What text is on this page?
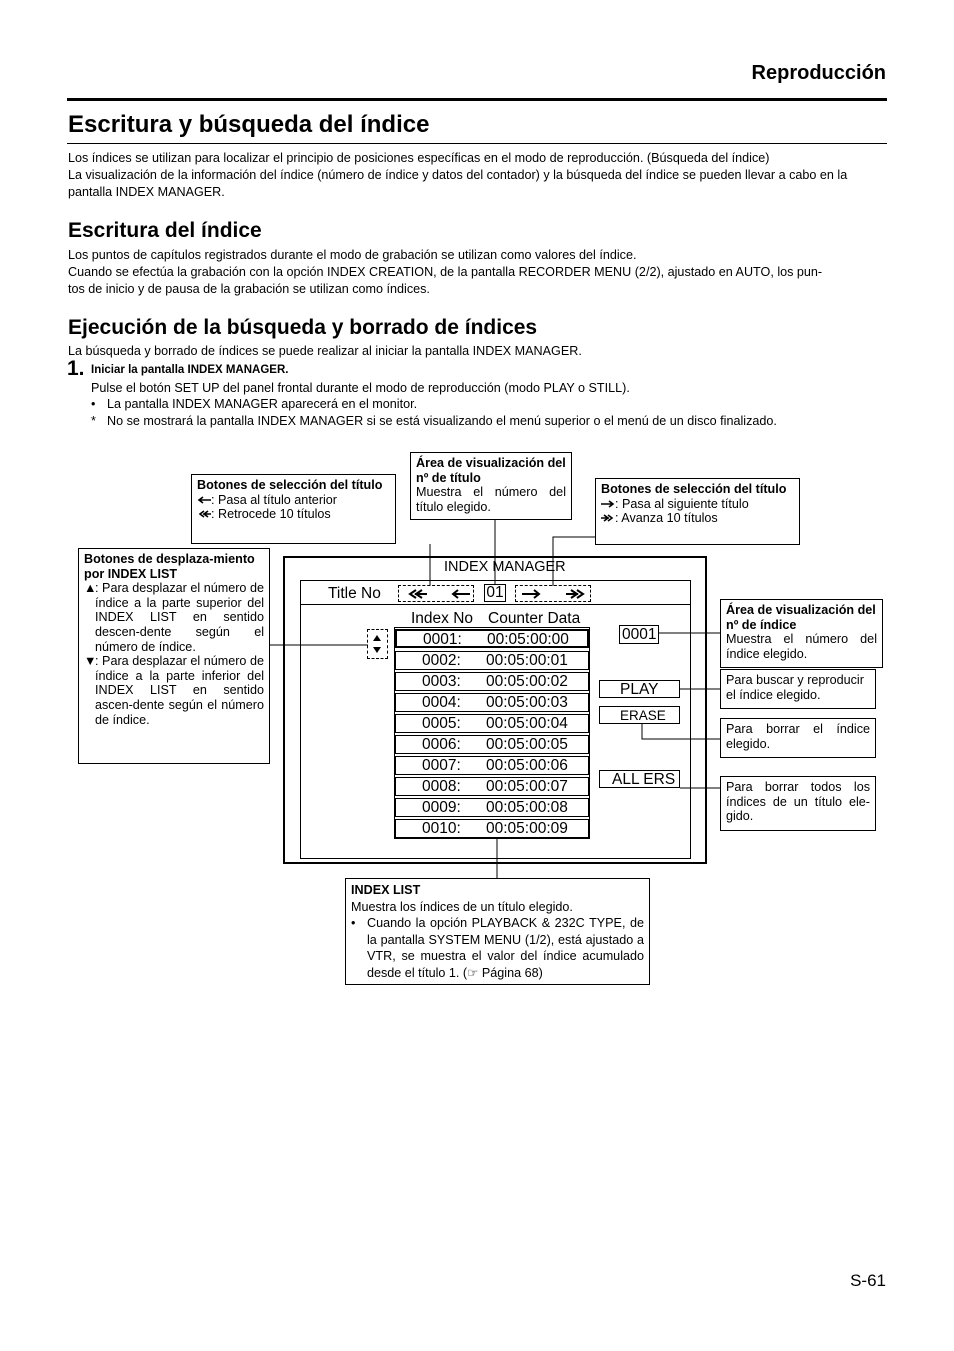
Reproducción
Escritura y búsqueda del índice
Los índices se utilizan para localizar el principio de posiciones específicas en el modo de reproducción. (Búsqueda del índice)
La visualización de la información del índice (número de índice y datos del contador) y la búsqueda del índice se pueden llevar a cabo en la pantalla INDEX MANAGER.
Escritura del índice
Los puntos de capítulos registrados durante el modo de grabación se utilizan como valores del índice.
Cuando se efectúa la grabación con la opción INDEX CREATION, de la pantalla RECORDER MENU (2/2), ajustado en AUTO, los pun-
tos de inicio y de pausa de la grabación se utilizan como índices.
Ejecución de la búsqueda y borrado de índices
La búsqueda y borrado de índices se puede realizar al iniciar la pantalla INDEX MANAGER.
1. Iniciar la pantalla INDEX MANAGER.
Pulse el botón SET UP del panel frontal durante el modo de reproducción (modo PLAY o STILL).
• La pantalla INDEX MANAGER aparecerá en el monitor.
* No se mostrará la pantalla INDEX MANAGER si se está visualizando el menú superior o el menú de un disco finalizado.
INDEX MANAGER
Title No	01
Index No Counter Data
0001: 00:05:00:00
0002: 00:05:00:01
0003: 00:05:00:02
0004: 00:05:00:03
0005: 00:05:00:04
0006: 00:05:00:05
0007: 00:05:00:06
0008: 00:05:00:07
0009: 00:05:00:08
0010: 00:05:00:09
0001
PLAY
ERASE
ALL ERS
Botones de selección del título
: Pasa al título anterior
: Retrocede 10 títulos
Área de visualización del nº de título
Muestra el número del título elegido.
Botones de selección del título
: Pasa al siguiente título
: Avanza 10 títulos
Botones de desplaza-miento por INDEX LIST
▲
: Para desplazar el número de índice a la parte superior del INDEX LIST en sentido descen-dente según el número de índice.
▼
: Para desplazar el número de índice a la parte inferior del INDEX LIST en sentido ascen-dente según el número de índice.
Área de visualización del nº de índice
Muestra el número del índice elegido.
Para buscar y reproducir el índice elegido.
Para borrar el índice elegido.
Para borrar todos los índices de un título ele-gido.
INDEX LIST
Muestra los índices de un título elegido.
• Cuando la opción PLAYBACK & 232C TYPE, de la pantalla SYSTEM MENU (1/2), está ajustado a VTR, se muestra el valor del índice acumulado desde el título 1. (☞ Página 68)
S-61
